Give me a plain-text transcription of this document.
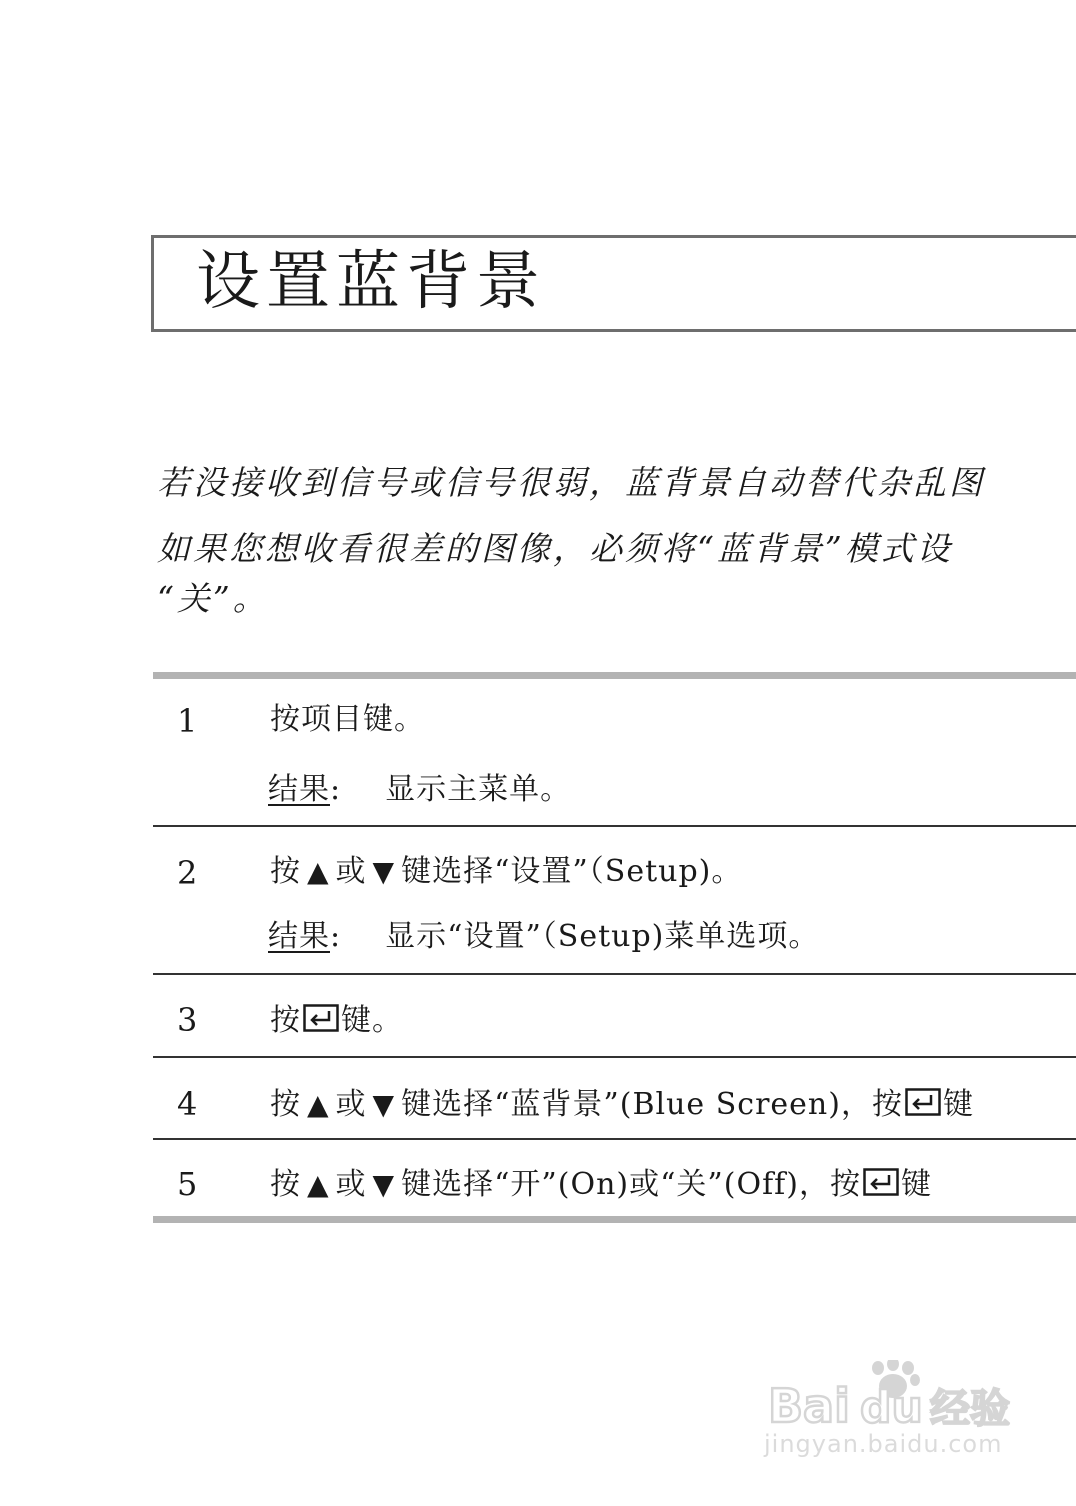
设置蓝背景
若没接收到信号或信号很弱，蓝背景自动替代杂乱图
如果您想收看很差的图像，必须将“蓝背景”模式设
“关”。
1 按项目键。
结果: 显示主菜单。
2 按 ▲ 或 ▼ 键选择“设置”（Setup)。
结果: 显示“设置”（Setup)菜单选项。
3 按 键。
4 按 ▲ 或 ▼ 键选择“蓝背景”(Blue Screen)，按 键
5 按 ▲ 或 ▼ 键选择“开”(On)或“关”(Off)，按 键
Bai du 经验
jingyan.baidu.com
